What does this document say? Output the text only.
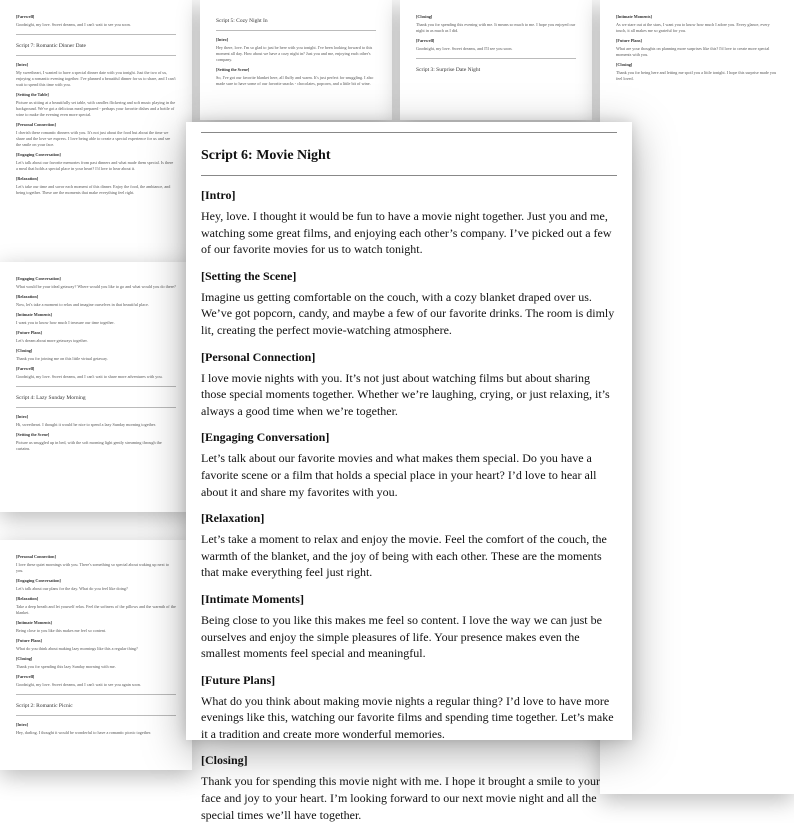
[Farewell]

Goodnight, my love. Sweet dreams, and I can't wait to see you soon.

Script 7: Romantic Dinner Date
[Intro]

My sweetheart, I wanted to have a special dinner date with you tonight. Just the two of us, enjoying a romantic evening together. I've planned a beautiful dinner for us to share, and I can't wait to spend this time with you.

[Setting the Table]

Picture us sitting at a beautifully set table, with candles flickering and soft music playing in the background. We've got a delicious meal prepared - perhaps your favorite dishes and a bottle of wine to make the evening even more special.

[Personal Connection]

I cherish these romantic dinners with you. It's not just about the food but about the time we share and the love we express. I love being able to create a special experience for us and see the smile on your face.

[Engaging Conversation]

Let's talk about our favorite memories from past dinners and what made them special. Is there a meal that holds a special place in your heart? I'd love to hear about it.

[Relaxation]

Let's take our time and savor each moment of this dinner. Enjoy the food, the ambiance, and being together. These are the moments that make everything feel right.

Script 5: Cozy Night In
[Intro]

Hey there, love. I'm so glad to just be here with you tonight. I've been looking forward to this moment all day. How about we have a cozy night in? Just you and me, enjoying each other's company.

[Setting the Scene]

So, I've got our favorite blanket here, all fluffy and warm. It's just perfect for snuggling. I also made sure to have some of our favorite snacks - chocolates, popcorn, and a little bit of wine.

[Closing]

Thank you for spending this evening with me. It means so much to me. I hope you enjoyed our night in as much as I did.

[Farewell]

Goodnight, my love. Sweet dreams, and I'll see you soon.

Script 3: Surprise Date Night
[Intimate Moments]

As we stare out at the stars, I want you to know how much I adore you. Every glance, every touch, it all makes me so grateful for you.

[Future Plans]

What are your thoughts on planning more surprises like this? I'd love to create more special moments with you.

[Closing]

Thank you for being here and letting me spoil you a little tonight. I hope this surprise made you feel loved.

[Engaging Conversation]

What would be your ideal getaway? Where would you like to go and what would you do there?

[Relaxation]

Now, let's take a moment to relax and imagine ourselves in that beautiful place.

[Intimate Moments]

I want you to know how much I treasure our time together.

[Future Plans]

Let's dream about more getaways together.

[Closing]

Thank you for joining me on this little virtual getaway.

[Farewell]

Goodnight, my love. Sweet dreams, and I can't wait to share more adventures with you.

Script 4: Lazy Sunday Morning
[Intro]

Hi, sweetheart. I thought it would be nice to spend a lazy Sunday morning together.

[Setting the Scene]

Picture us snuggled up in bed, with the soft morning light gently streaming through the curtains.

[Personal Connection]

I love these quiet mornings with you. There's something so special about waking up next to you.

[Engaging Conversation]

Let's talk about our plans for the day. What do you feel like doing?

[Relaxation]

Take a deep breath and let yourself relax. Feel the softness of the pillows and the warmth of the blanket.

[Intimate Moments]

Being close to you like this makes me feel so content.

[Future Plans]

What do you think about making lazy mornings like this a regular thing?

[Closing]

Thank you for spending this lazy Sunday morning with me.

[Farewell]

Goodnight, my love. Sweet dreams, and I can't wait to see you again soon.

Script 2: Romantic Picnic
[Intro]

Hey, darling. I thought it would be wonderful to have a romantic picnic together.

Script 6: Movie Night
[Intro]

Hey, love. I thought it would be fun to have a movie night together. Just you and me, watching some great films, and enjoying each other’s company. I’ve picked out a few of our favorite movies for us to watch tonight.

[Setting the Scene]

Imagine us getting comfortable on the couch, with a cozy blanket draped over us. We’ve got popcorn, candy, and maybe a few of our favorite drinks. The room is dimly lit, creating the perfect movie-watching atmosphere.

[Personal Connection]

I love movie nights with you. It’s not just about watching films but about sharing those special moments together. Whether we’re laughing, crying, or just relaxing, it’s always a good time when we’re together.

[Engaging Conversation]

Let’s talk about our favorite movies and what makes them special. Do you have a favorite scene or a film that holds a special place in your heart? I’d love to hear all about it and share my favorites with you.

[Relaxation]

Let’s take a moment to relax and enjoy the movie. Feel the comfort of the couch, the warmth of the blanket, and the joy of being with each other. These are the moments that make everything feel just right.

[Intimate Moments]

Being close to you like this makes me feel so content. I love the way we can just be ourselves and enjoy the simple pleasures of life. Your presence makes even the smallest moments feel special and meaningful.

[Future Plans]

What do you think about making movie nights a regular thing? I’d love to have more evenings like this, watching our favorite films and spending time together. Let’s make it a tradition and create more wonderful memories.

[Closing]

Thank you for spending this movie night with me. I hope it brought a smile to your face and joy to your heart. I’m looking forward to our next movie night and all the special times we’ll have together.
